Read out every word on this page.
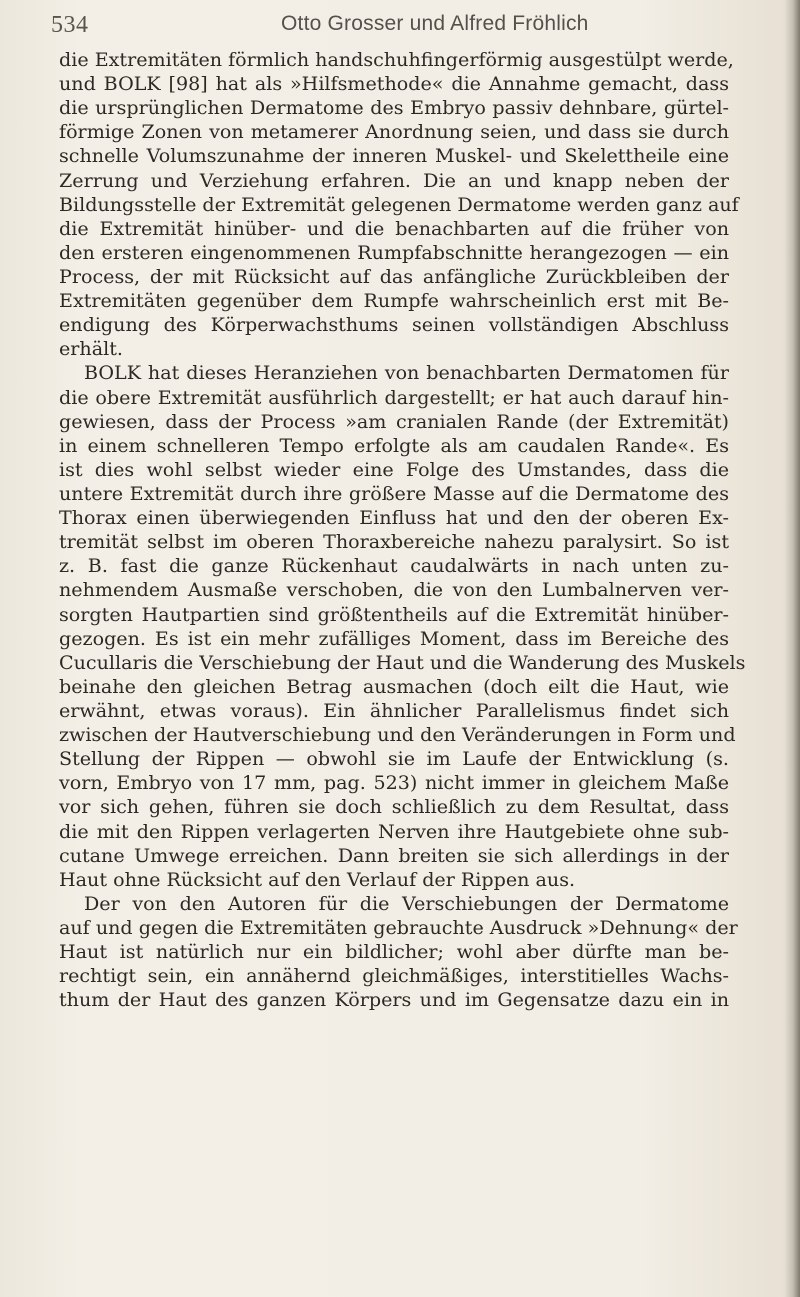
534	Otto Grosser und Alfred Fröhlich
die Extremitäten förmlich handschuhfingerförmig ausgestülpt werde,
und BOLK [98] hat als »Hilfsmethode« die Annahme gemacht, dass
die ursprünglichen Dermatome des Embryo passiv dehnbare, gürtel-
förmige Zonen von metamerer Anordnung seien, und dass sie durch
schnelle Volumszunahme der inneren Muskel- und Skelettheile eine
Zerrung und Verziehung erfahren. Die an und knapp neben der
Bildungsstelle der Extremität gelegenen Dermatome werden ganz auf
die Extremität hinüber- und die benachbarten auf die früher von
den ersteren eingenommenen Rumpfabschnitte herangezogen — ein
Process, der mit Rücksicht auf das anfängliche Zurückbleiben der
Extremitäten gegenüber dem Rumpfe wahrscheinlich erst mit Be-
endigung des Körperwachsthums seinen vollständigen Abschluss
erhält.
BOLK hat dieses Heranziehen von benachbarten Dermatomen für
die obere Extremität ausführlich dargestellt; er hat auch darauf hin-
gewiesen, dass der Process »am cranialen Rande (der Extremität)
in einem schnelleren Tempo erfolgte als am caudalen Rande«. Es
ist dies wohl selbst wieder eine Folge des Umstandes, dass die
untere Extremität durch ihre größere Masse auf die Dermatome des
Thorax einen überwiegenden Einfluss hat und den der oberen Ex-
tremität selbst im oberen Thoraxbereiche nahezu paralysirt. So ist
z. B. fast die ganze Rückenhaut caudalwärts in nach unten zu-
nehmendem Ausmaße verschoben, die von den Lumbalnerven ver-
sorgten Hautpartien sind größtentheils auf die Extremität hinüber-
gezogen. Es ist ein mehr zufälliges Moment, dass im Bereiche des
Cucullaris die Verschiebung der Haut und die Wanderung des Muskels
beinahe den gleichen Betrag ausmachen (doch eilt die Haut, wie
erwähnt, etwas voraus). Ein ähnlicher Parallelismus findet sich
zwischen der Hautverschiebung und den Veränderungen in Form und
Stellung der Rippen — obwohl sie im Laufe der Entwicklung (s.
vorn, Embryo von 17 mm, pag. 523) nicht immer in gleichem Maße
vor sich gehen, führen sie doch schließlich zu dem Resultat, dass
die mit den Rippen verlagerten Nerven ihre Hautgebiete ohne sub-
cutane Umwege erreichen. Dann breiten sie sich allerdings in der
Haut ohne Rücksicht auf den Verlauf der Rippen aus.
Der von den Autoren für die Verschiebungen der Dermatome
auf und gegen die Extremitäten gebrauchte Ausdruck »Dehnung« der
Haut ist natürlich nur ein bildlicher; wohl aber dürfte man be-
rechtigt sein, ein annähernd gleichmäßiges, interstitielles Wachs-
thum der Haut des ganzen Körpers und im Gegensatze dazu ein in
